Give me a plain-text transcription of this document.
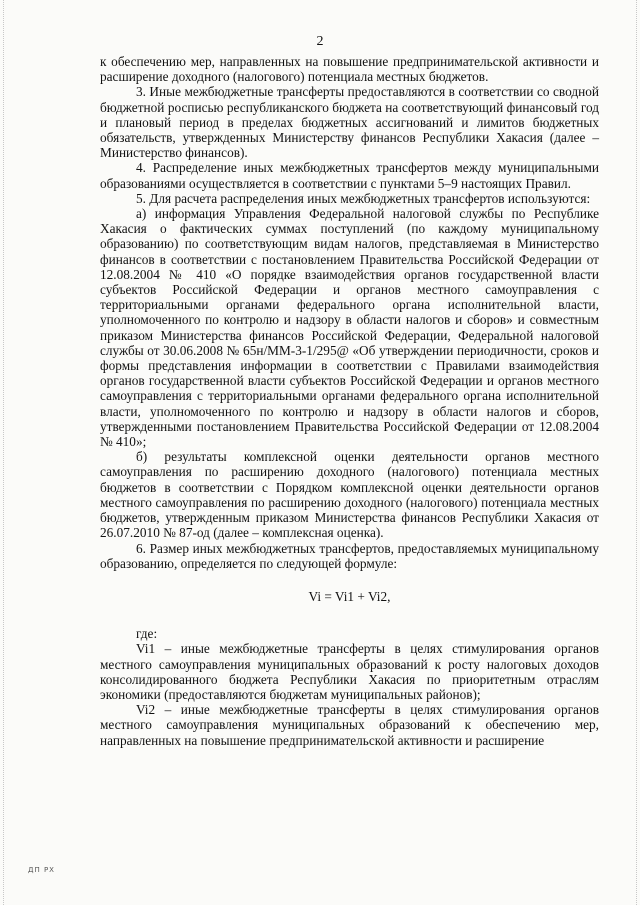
2

к обеспечению мер, направленных на повышение предпринимательской активности и расширение доходного (налогового) потенциала местных бюджетов.

3. Иные межбюджетные трансферты предоставляются в соответствии со сводной бюджетной росписью республиканского бюджета на соответствующий финансовый год и плановый период в пределах бюджетных ассигнований и лимитов бюджетных обязательств, утвержденных Министерству финансов Республики Хакасия (далее – Министерство финансов).

4. Распределение иных межбюджетных трансфертов между муниципальными образованиями осуществляется в соответствии с пунктами 5–9 настоящих Правил.

5. Для расчета распределения иных межбюджетных трансфертов используются:

а) информация Управления Федеральной налоговой службы по Республике Хакасия о фактических суммах поступлений (по каждому муниципальному образованию) по соответствующим видам налогов, представляемая в Министерство финансов в соответствии с постановлением Правительства Российской Федерации от 12.08.2004 № 410 «О порядке взаимодействия органов государственной власти субъектов Российской Федерации и органов местного самоуправления с территориальными органами федерального органа исполнительной власти, уполномоченного по контролю и надзору в области налогов и сборов» и совместным приказом Министерства финансов Российской Федерации, Федеральной налоговой службы от 30.06.2008 № 65н/ММ-3-1/295@ «Об утверждении периодичности, сроков и формы представления информации в соответствии с Правилами взаимодействия органов государственной власти субъектов Российской Федерации и органов местного самоуправления с территориальными органами федерального органа исполнительной власти, уполномоченного по контролю и надзору в области налогов и сборов, утвержденными постановлением Правительства Российской Федерации от 12.08.2004 № 410»;

б) результаты комплексной оценки деятельности органов местного самоуправления по расширению доходного (налогового) потенциала местных бюджетов в соответствии с Порядком комплексной оценки деятельности органов местного самоуправления по расширению доходного (налогового) потенциала местных бюджетов, утвержденным приказом Министерства финансов Республики Хакасия от 26.07.2010 № 87-од (далее – комплексная оценка).

6. Размер иных межбюджетных трансфертов, предоставляемых муниципальному образованию, определяется по следующей формуле:

Vi = Vi1 + Vi2,

где:

Vi1 – иные межбюджетные трансферты в целях стимулирования органов местного самоуправления муниципальных образований к росту налоговых доходов консолидированного бюджета Республики Хакасия по приоритетным отраслям экономики (предоставляются бюджетам муниципальных районов);

Vi2 – иные межбюджетные трансферты в целях стимулирования органов местного самоуправления муниципальных образований к обеспечению мер, направленных на повышение предпринимательской активности и расширение

ДП РХ
